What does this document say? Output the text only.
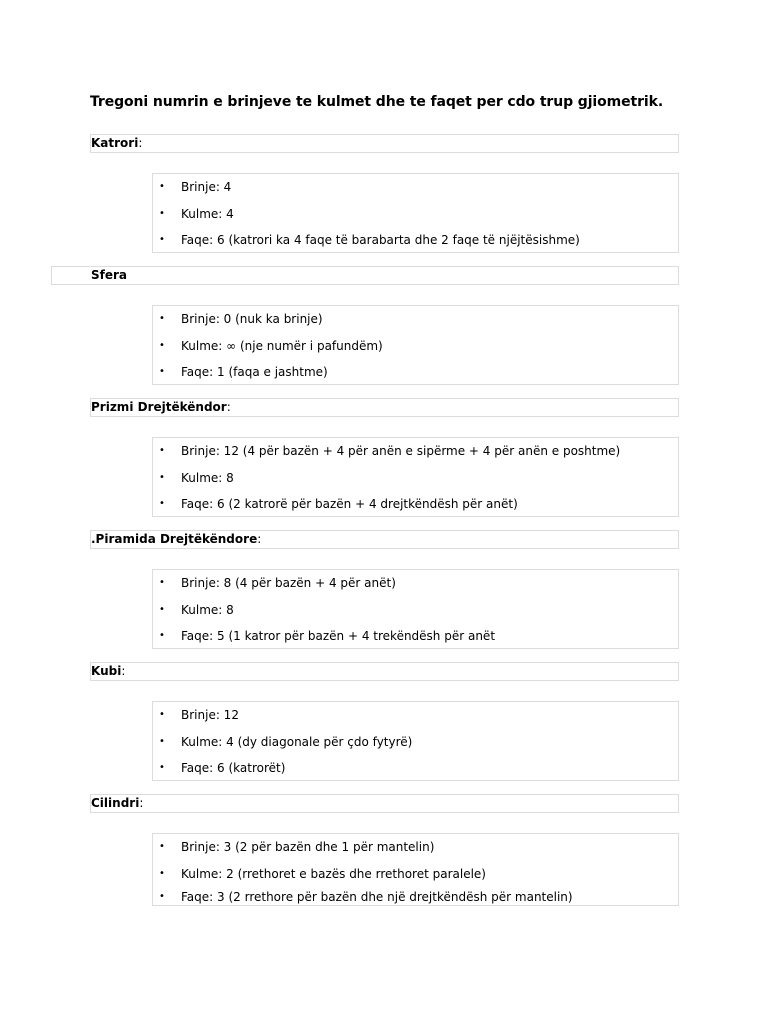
Tregoni numrin e brinjeve te kulmet dhe te faqet per cdo trup gjiometrik.
Katrori:
• Brinje: 4
• Kulme: 4
• Faqe: 6 (katrori ka 4 faqe të barabarta dhe 2 faqe të njëjtësishme)
Sfera
• Brinje: 0 (nuk ka brinje)
• Kulme: ∞ (nje numër i pafundëm)
• Faqe: 1 (faqa e jashtme)
Prizmi Drejtëkëndor:
• Brinje: 12 (4 për bazën + 4 për anën e sipërme + 4 për anën e poshtme)
• Kulme: 8
• Faqe: 6 (2 katrorë për bazën + 4 drejtkëndësh për anët)
.Piramida Drejtëkëndore:
• Brinje: 8 (4 për bazën + 4 për anët)
• Kulme: 8
• Faqe: 5 (1 katror për bazën + 4 trekëndësh për anët
Kubi:
• Brinje: 12
• Kulme: 4 (dy diagonale për çdo fytyrë)
• Faqe: 6 (katrorët)
Cilindri:
• Brinje: 3 (2 për bazën dhe 1 për mantelin)
• Kulme: 2 (rrethoret e bazës dhe rrethoret paralele)
• Faqe: 3 (2 rrethore për bazën dhe një drejtkëndësh për mantelin)
